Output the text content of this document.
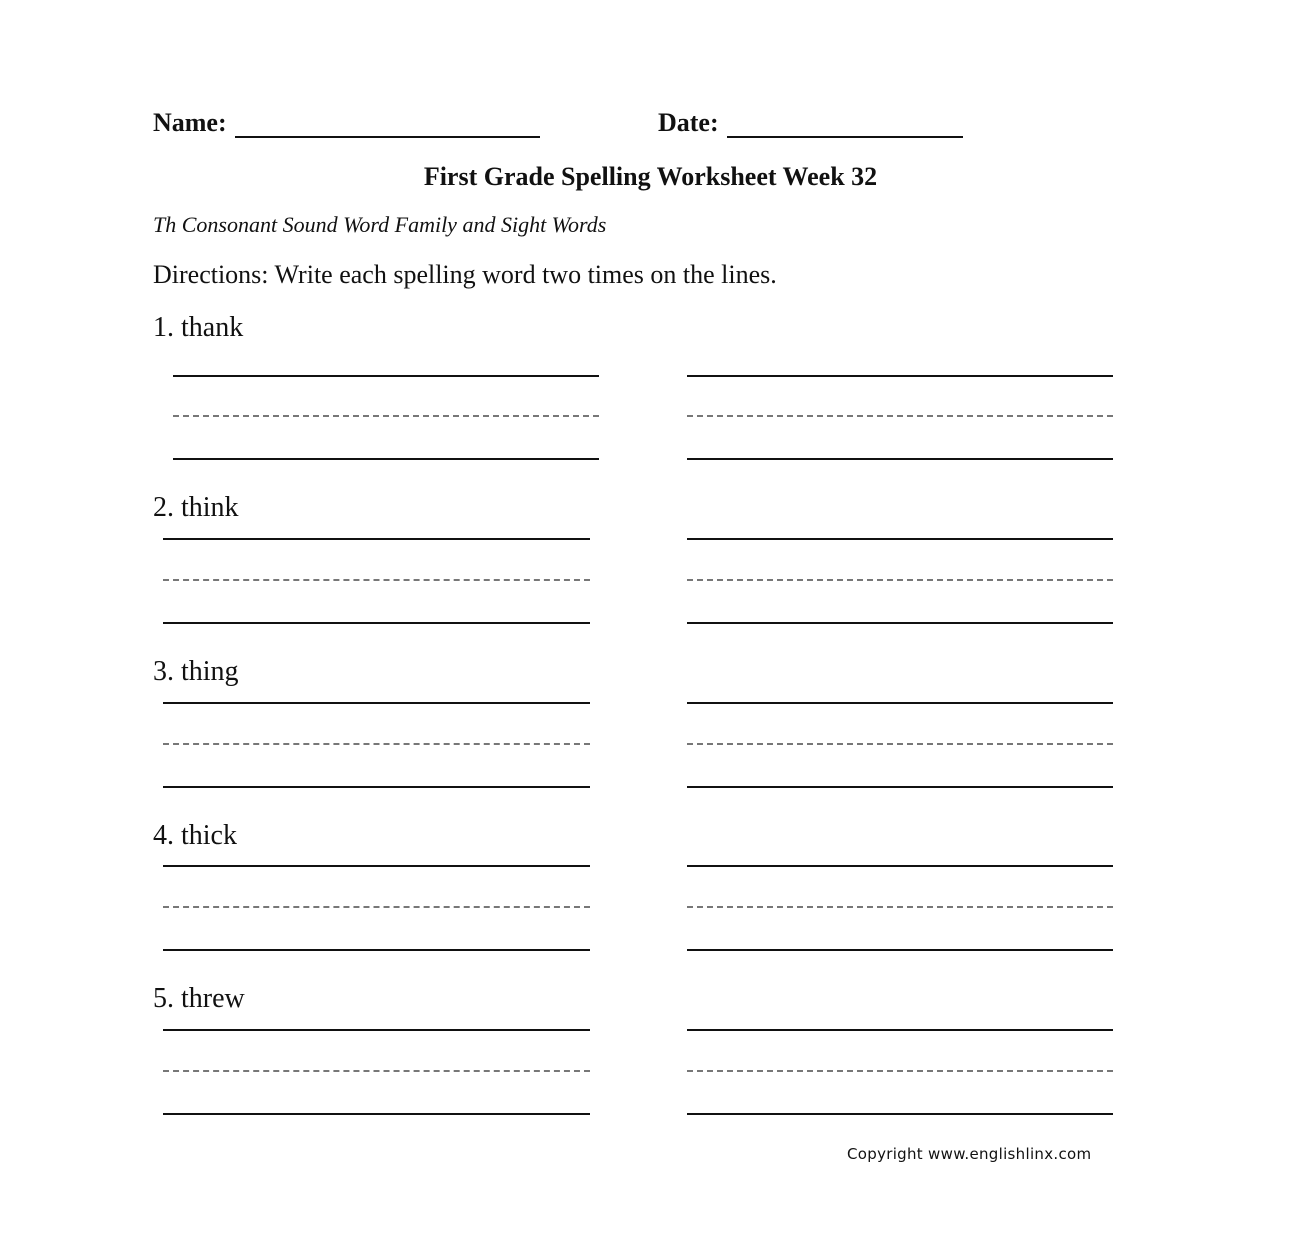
Name:	Date:
First Grade Spelling Worksheet Week 32
Th Consonant Sound Word Family and Sight Words
Directions: Write each spelling word two times on the lines.
1. thank
2. think
3. thing
4. thick
5. threw
Copyright www.englishlinx.com
